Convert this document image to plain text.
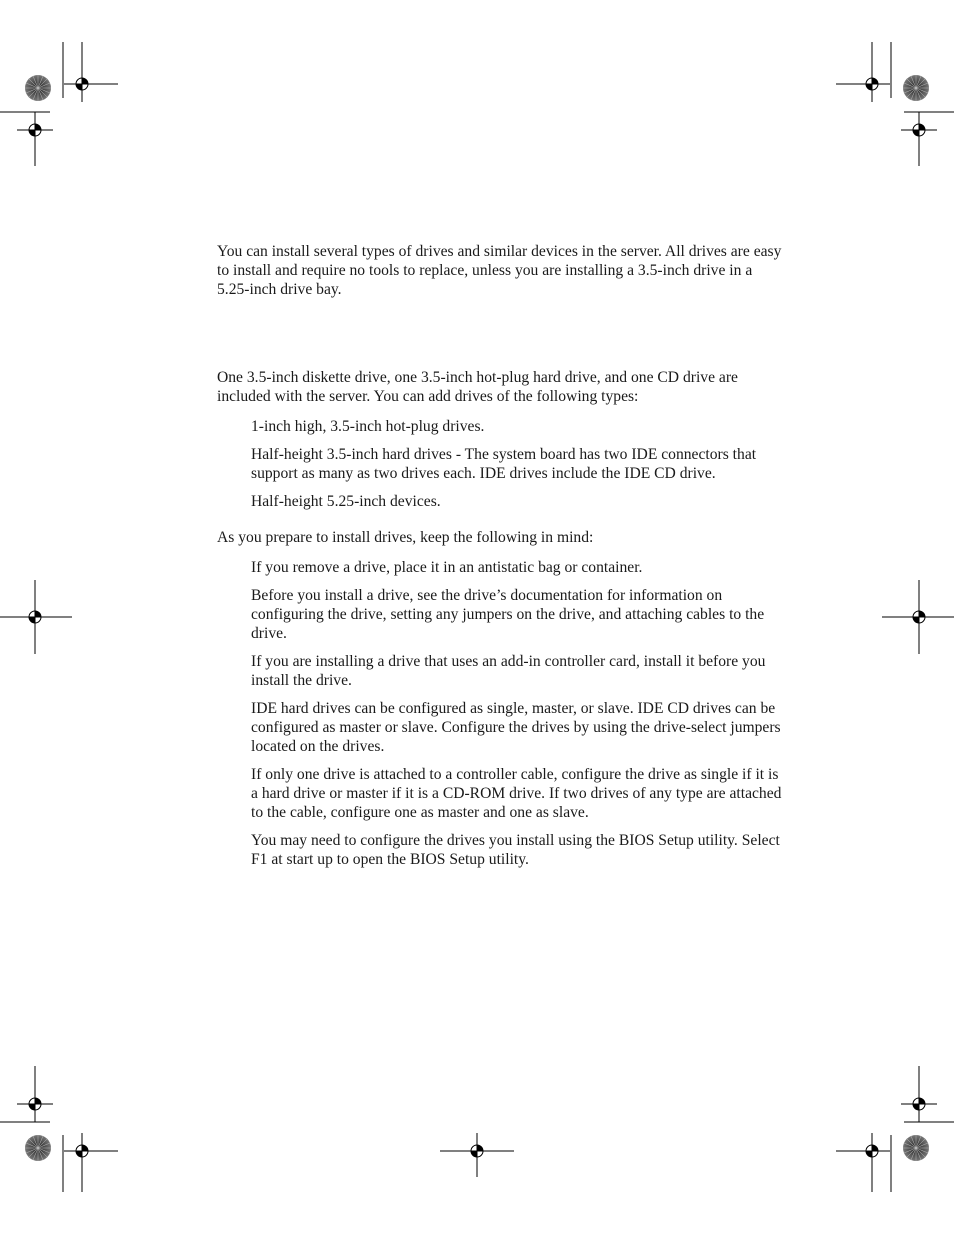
You can install several types of drives and similar devices in the server. All drives are easy to install and require no tools to replace, unless you are installing a 3.5-inch drive in a 5.25-inch drive bay.

One 3.5-inch diskette drive, one 3.5-inch hot-plug hard drive, and one CD drive are included with the server. You can add drives of the following types:

1-inch high, 3.5-inch hot-plug drives.
Half-height 3.5-inch hard drives - The system board has two IDE connectors that support as many as two drives each. IDE drives include the IDE CD drive.
Half-height 5.25-inch devices.

As you prepare to install drives, keep the following in mind:

If you remove a drive, place it in an antistatic bag or container.
Before you install a drive, see the drive’s documentation for information on configuring the drive, setting any jumpers on the drive, and attaching cables to the drive.
If you are installing a drive that uses an add-in controller card, install it before you install the drive.
IDE hard drives can be configured as single, master, or slave. IDE CD drives can be configured as master or slave. Configure the drives by using the drive-select jumpers located on the drives.
If only one drive is attached to a controller cable, configure the drive as single if it is a hard drive or master if it is a CD-ROM drive. If two drives of any type are attached to the cable, configure one as master and one as slave.
You may need to configure the drives you install using the BIOS Setup utility. Select F1 at start up to open the BIOS Setup utility.
